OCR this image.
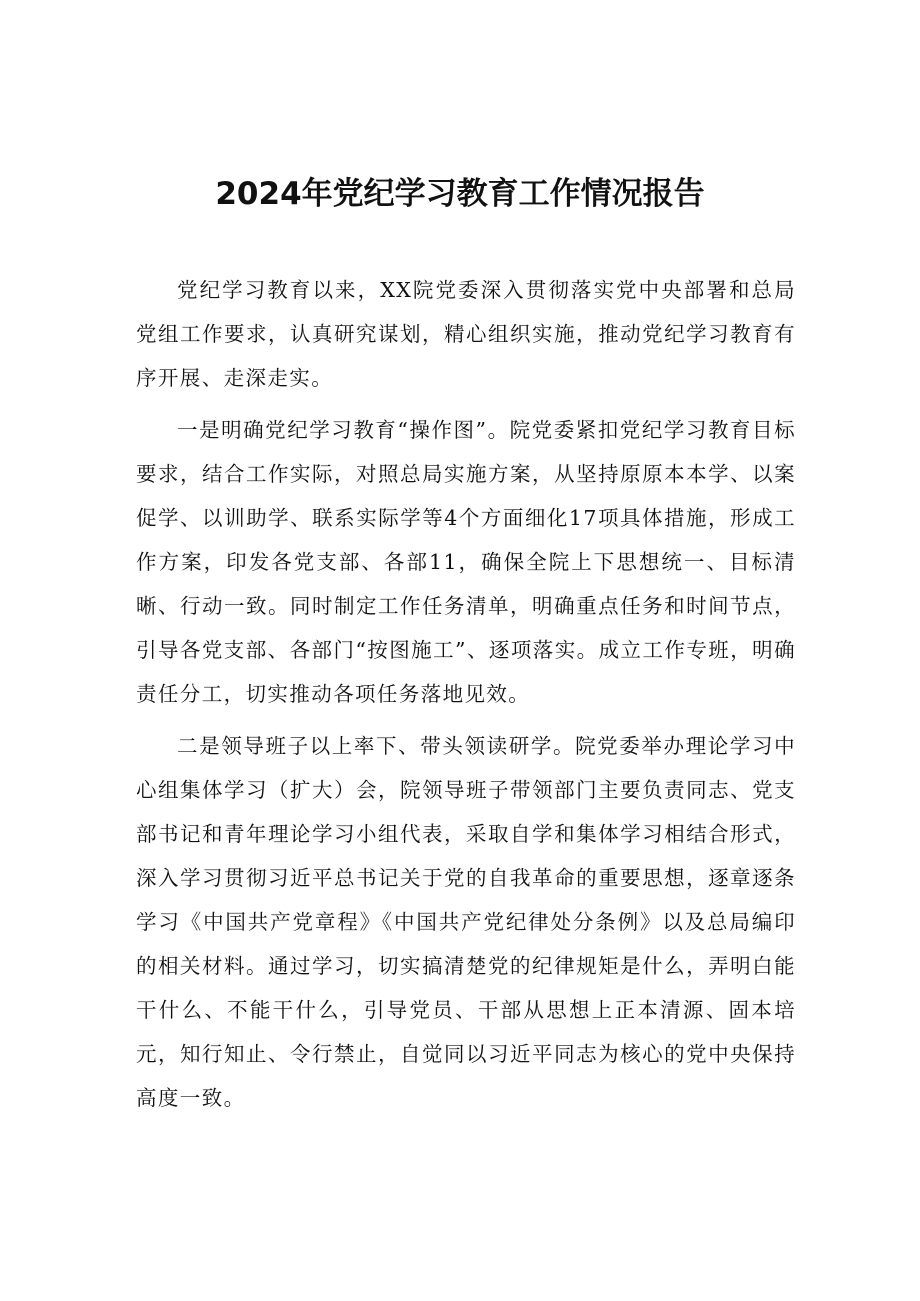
2024年党纪学习教育工作情况报告

党纪学习教育以来，XX院党委深入贯彻落实党中央部署和总局党组工作要求，认真研究谋划，精心组织实施，推动党纪学习教育有序开展、走深走实。

一是明确党纪学习教育“操作图”。院党委紧扣党纪学习教育目标要求，结合工作实际，对照总局实施方案，从坚持原原本本学、以案促学、以训助学、联系实际学等4个方面细化17项具体措施，形成工作方案，印发各党支部、各部11，确保全院上下思想统一、目标清晰、行动一致。同时制定工作任务清单，明确重点任务和时间节点，引导各党支部、各部门“按图施工”、逐项落实。成立工作专班，明确责任分工，切实推动各项任务落地见效。

二是领导班子以上率下、带头领读研学。院党委举办理论学习中心组集体学习（扩大）会，院领导班子带领部门主要负责同志、党支部书记和青年理论学习小组代表，采取自学和集体学习相结合形式，深入学习贯彻习近平总书记关于党的自我革命的重要思想，逐章逐条学习《中国共产党章程》《中国共产党纪律处分条例》以及总局编印的相关材料。通过学习，切实搞清楚党的纪律规矩是什么，弄明白能干什么、不能干什么，引导党员、干部从思想上正本清源、固本培元，知行知止、令行禁止，自觉同以习近平同志为核心的党中央保持高度一致。
